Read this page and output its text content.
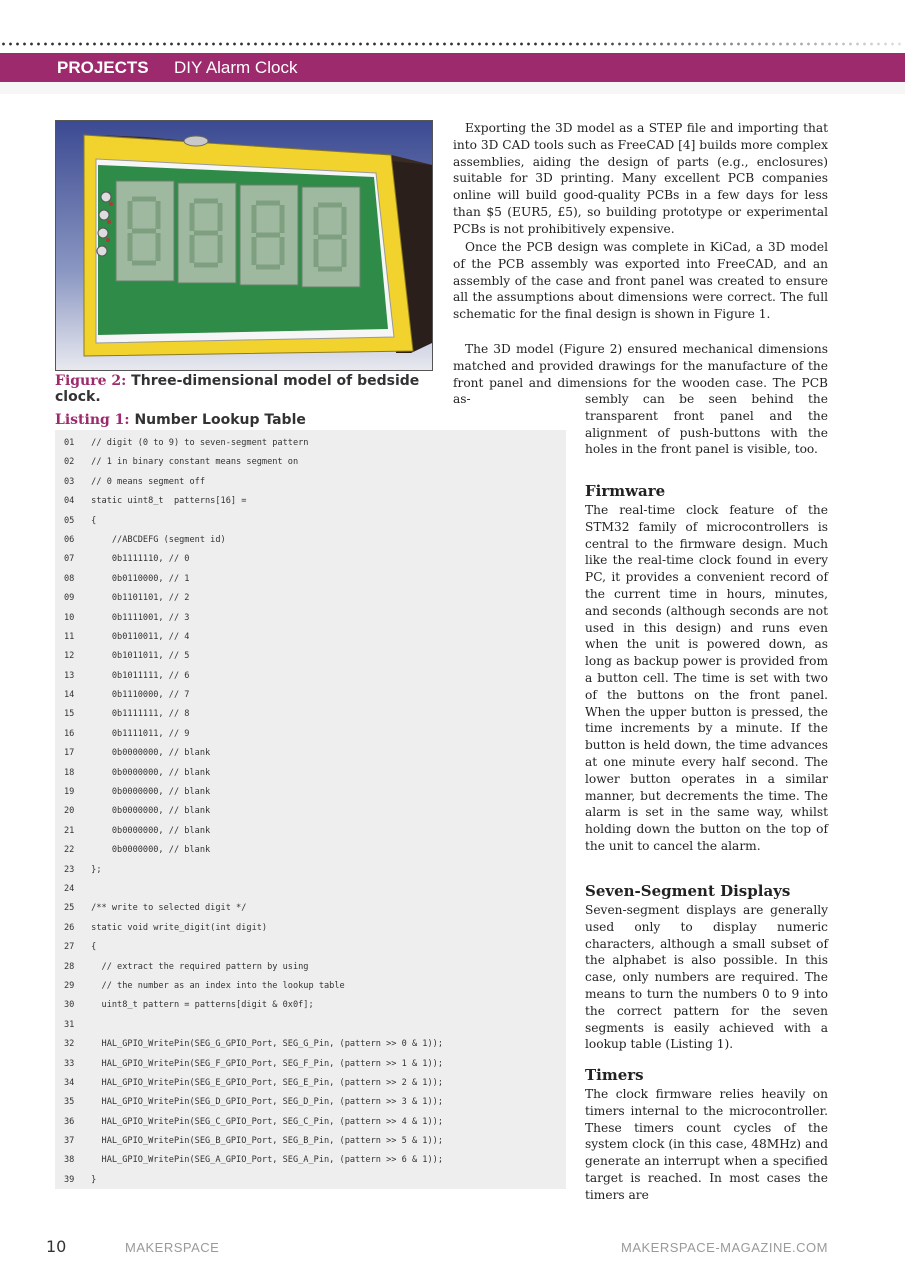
PROJECTS DIY Alarm Clock
Figure 2: Three-dimensional model of bedside clock.
Listing 1: Number Lookup Table
01 // digit (0 to 9) to seven-segment pattern
02 // 1 in binary constant means segment on
03 // 0 means segment off
04 static uint8_t  patterns[16] =
05 {
06     //ABCDEFG (segment id)
07     0b1111110, // 0
08     0b0110000, // 1
09     0b1101101, // 2
10     0b1111001, // 3
11     0b0110011, // 4
12     0b1011011, // 5
13     0b1011111, // 6
14     0b1110000, // 7
15     0b1111111, // 8
16     0b1111011, // 9
17     0b0000000, // blank
18     0b0000000, // blank
19     0b0000000, // blank
20     0b0000000, // blank
21     0b0000000, // blank
22     0b0000000, // blank
23 };
24
25 /** write to selected digit */
26 static void write_digit(int digit)
27 {
28   // extract the required pattern by using
29   // the number as an index into the lookup table
30   uint8_t pattern = patterns[digit & 0x0f];
31
32   HAL_GPIO_WritePin(SEG_G_GPIO_Port, SEG_G_Pin, (pattern >> 0 & 1));
33   HAL_GPIO_WritePin(SEG_F_GPIO_Port, SEG_F_Pin, (pattern >> 1 & 1));
34   HAL_GPIO_WritePin(SEG_E_GPIO_Port, SEG_E_Pin, (pattern >> 2 & 1));
35   HAL_GPIO_WritePin(SEG_D_GPIO_Port, SEG_D_Pin, (pattern >> 3 & 1));
36   HAL_GPIO_WritePin(SEG_C_GPIO_Port, SEG_C_Pin, (pattern >> 4 & 1));
37   HAL_GPIO_WritePin(SEG_B_GPIO_Port, SEG_B_Pin, (pattern >> 5 & 1));
38   HAL_GPIO_WritePin(SEG_A_GPIO_Port, SEG_A_Pin, (pattern >> 6 & 1));
39 }

Exporting the 3D model as a STEP file and importing that into 3D CAD tools such as FreeCAD [4] builds more complex assemblies, aiding the design of parts (e.g., enclosures) suitable for 3D printing. Many excellent PCB companies online will build good-quality PCBs in a few days for less than $5 (EUR5, £5), so building prototype or experimental PCBs is not prohibitively expensive.

Once the PCB design was complete in KiCad, a 3D model of the PCB assembly was exported into FreeCAD, and an assembly of the case and front panel was created to ensure all the assumptions about dimensions were correct. The full schematic for the final design is shown in Figure 1.

The 3D model (Figure 2) ensured mechanical dimensions matched and provided drawings for the manufacture of the front panel and dimensions for the wooden case. The PCB as-	sembly can be seen behind the transparent front panel and the alignment of push-buttons with the holes in the front panel is visible, too.

Firmware

The real-time clock feature of the STM32 family of microcontrollers is central to the firmware design. Much like the real-time clock found in every PC, it provides a convenient record of the current time in hours, minutes, and seconds (although seconds are not used in this design) and runs even when the unit is powered down, as long as backup power is provided from a button cell. The time is set with two of the buttons on the front panel. When the upper button is pressed, the time increments by a minute. If the button is held down, the time advances at one minute every half second. The lower button operates in a similar manner, but decrements the time. The alarm is set in the same way, whilst holding down the button on the top of the unit to cancel the alarm.

Seven-Segment Displays

Seven-segment displays are generally used only to display numeric characters, although a small subset of the alphabet is also possible. In this case, only numbers are required. The means to turn the numbers 0 to 9 into the correct pattern for the seven segments is easily achieved with a lookup table (Listing 1).

Timers

The clock firmware relies heavily on timers internal to the microcontroller. These timers count cycles of the system clock (in this case, 48MHz) and generate an interrupt when a specified target is reached. In most cases the timers are

10	MAKERSPACE	MAKERSPACE-MAGAZINE.COM
